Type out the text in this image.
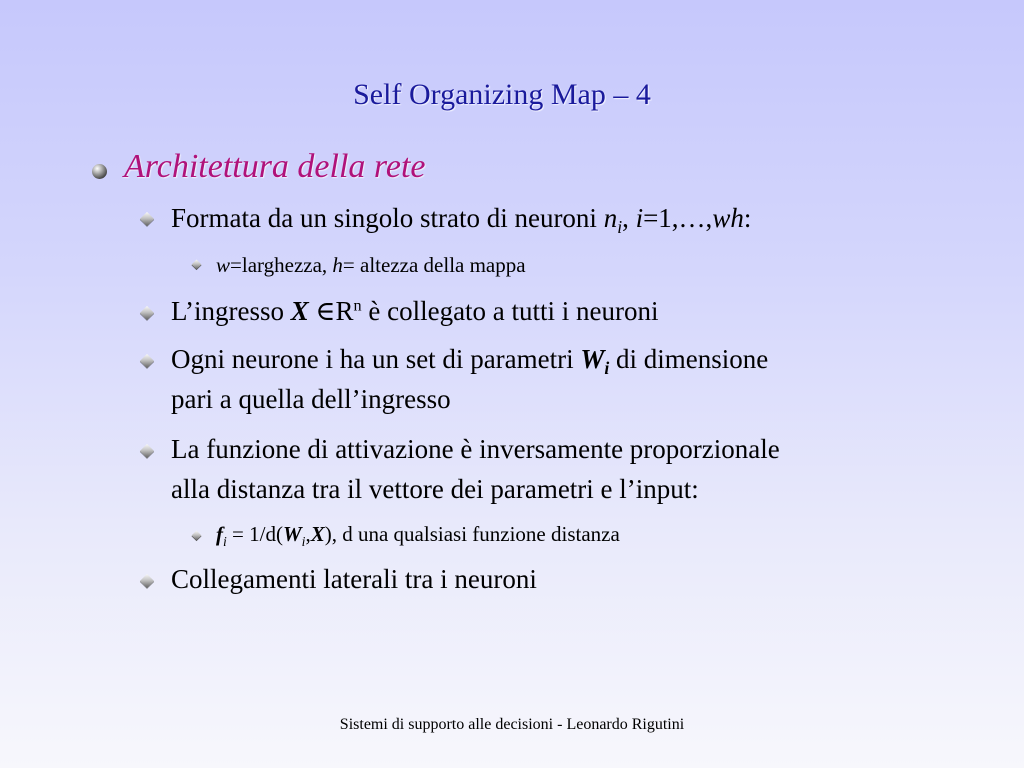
Self Organizing Map – 4
Architettura della rete
Formata da un singolo strato di neuroni $n_i$, i=1,…,wh:
w=larghezza, h= altezza della mappa
L’ingresso X $\in R^n$ è collegato a tutti i neuroni
Ogni neurone i ha un set di parametri $W_i$ di dimensione
pari a quella dell’ingresso
La funzione di attivazione è inversamente proporzionale
alla distanza tra il vettore dei parametri e l’input:
$f_i = 1/d(W_i,X)$, d una qualsiasi funzione distanza
Collegamenti laterali tra i neuroni
Sistemi di supporto alle decisioni - Leonardo Rigutini
